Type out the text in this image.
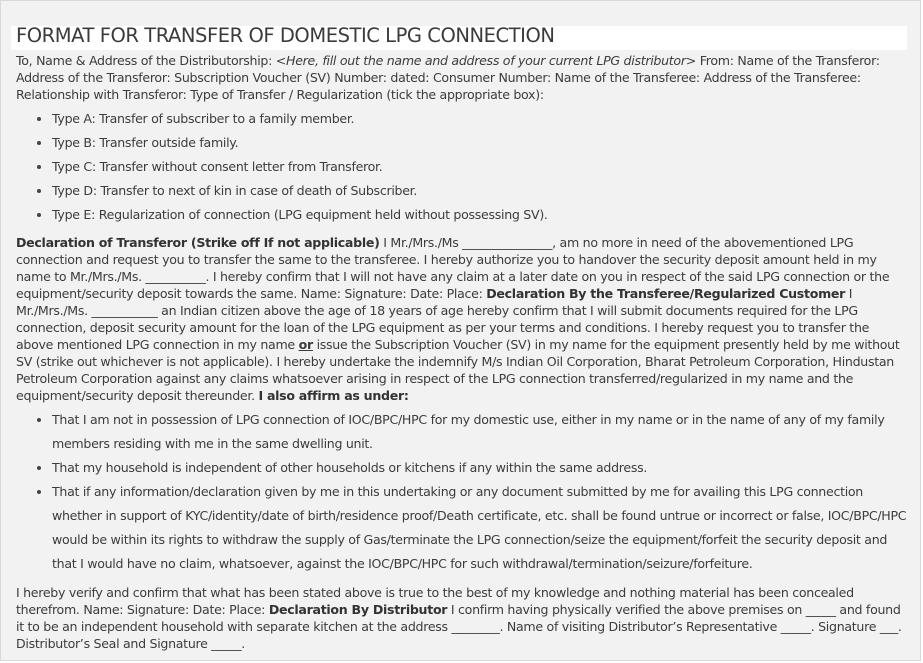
FORMAT FOR TRANSFER OF DOMESTIC LPG CONNECTION
To, Name & Address of the Distributorship: <Here, fill out the name and address of your current LPG distributor> From: Name of the Transferor: Address of the Transferor: Subscription Voucher (SV) Number: dated: Consumer Number: Name of the Transferee: Address of the Transferee: Relationship with Transferor: Type of Transfer / Regularization (tick the appropriate box):
Type A: Transfer of subscriber to a family member.
Type B: Transfer outside family.
Type C: Transfer without consent letter from Transferor.
Type D: Transfer to next of kin in case of death of Subscriber.
Type E: Regularization of connection (LPG equipment held without possessing SV).
Declaration of Transferor (Strike off If not applicable) I Mr./Mrs./Ms _______________, am no more in need of the abovementioned LPG connection and request you to transfer the same to the transferee. I hereby authorize you to handover the security deposit amount held in my name to Mr./Mrs./Ms. __________. I hereby confirm that I will not have any claim at a later date on you in respect of the said LPG connection or the equipment/security deposit towards the same. Name: Signature: Date: Place: Declaration By the Transferee/Regularized Customer I Mr./Mrs./Ms. ___________ an Indian citizen above the age of 18 years of age hereby confirm that I will submit documents required for the LPG connection, deposit security amount for the loan of the LPG equipment as per your terms and conditions. I hereby request you to transfer the above mentioned LPG connection in my name or issue the Subscription Voucher (SV) in my name for the equipment presently held by me without SV (strike out whichever is not applicable). I hereby undertake the indemnify M/s Indian Oil Corporation, Bharat Petroleum Corporation, Hindustan Petroleum Corporation against any claims whatsoever arising in respect of the LPG connection transferred/regularized in my name and the equipment/security deposit thereunder. I also affirm as under:
That I am not in possession of LPG connection of IOC/BPC/HPC for my domestic use, either in my name or in the name of any of my family members residing with me in the same dwelling unit.
That my household is independent of other households or kitchens if any within the same address.
That if any information/declaration given by me in this undertaking or any document submitted by me for availing this LPG connection whether in support of KYC/identity/date of birth/residence proof/Death certificate, etc. shall be found untrue or incorrect or false, IOC/BPC/HPC would be within its rights to withdraw the supply of Gas/terminate the LPG connection/seize the equipment/forfeit the security deposit and that I would have no claim, whatsoever, against the IOC/BPC/HPC for such withdrawal/termination/seizure/forfeiture.
I hereby verify and confirm that what has been stated above is true to the best of my knowledge and nothing material has been concealed therefrom. Name: Signature: Date: Place: Declaration By Distributor I confirm having physically verified the above premises on _____ and found it to be an independent household with separate kitchen at the address ________. Name of visiting Distributor’s Representative _____. Signature ___. Distributor’s Seal and Signature _____.
